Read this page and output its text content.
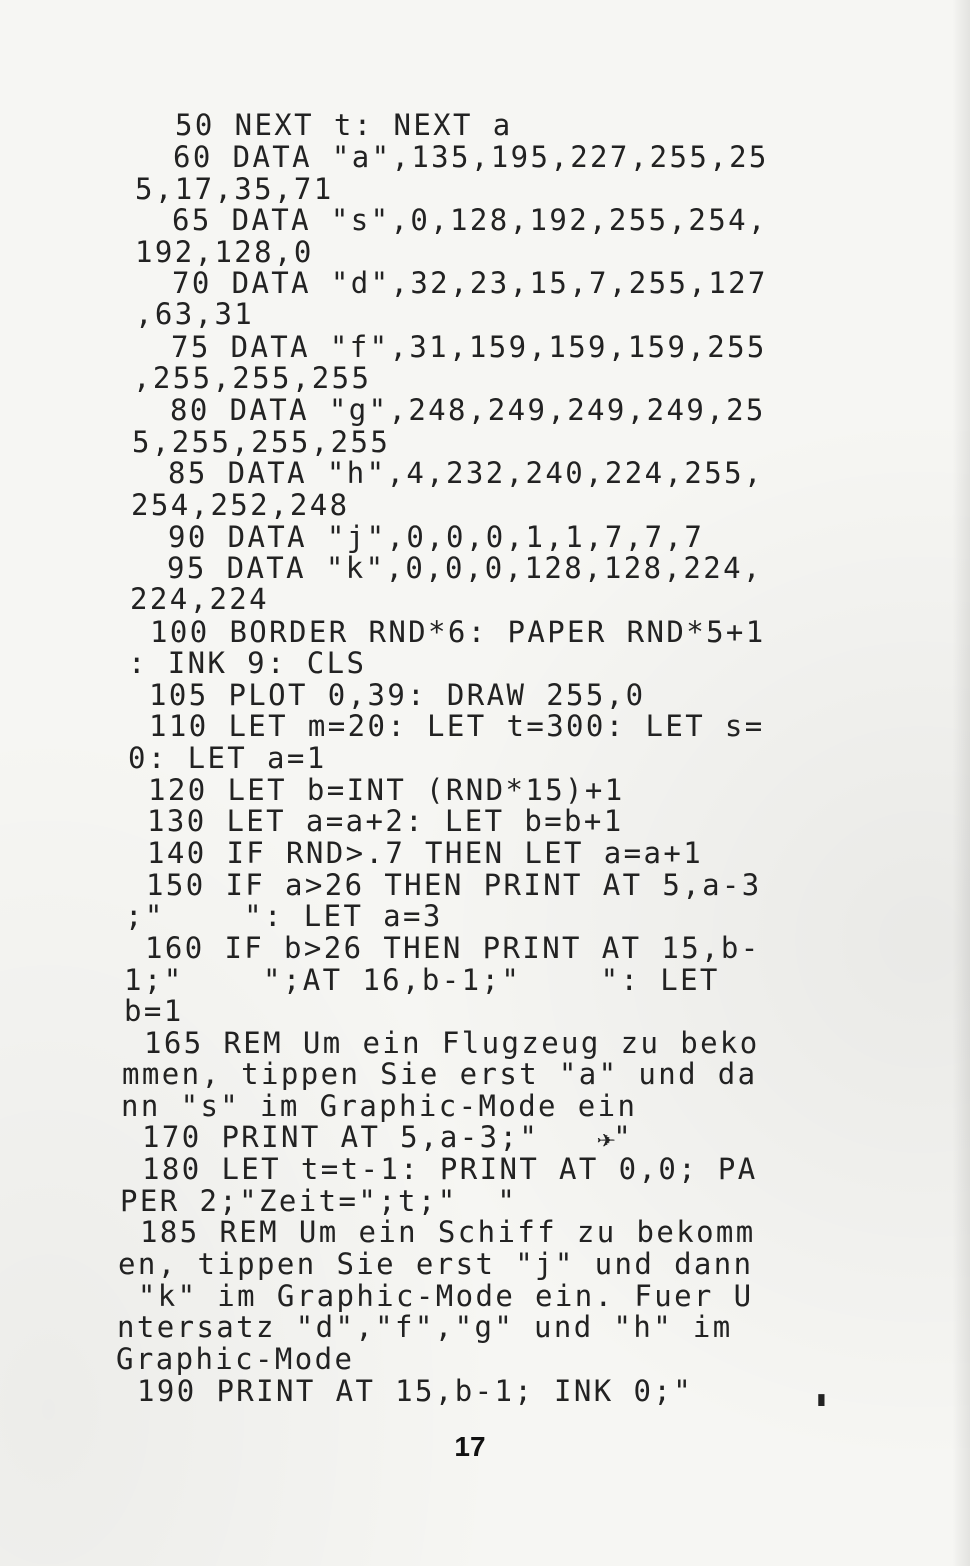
50 NEXT t: NEXT a
60 DATA "a",135,195,227,255,25
5,17,35,71
65 DATA "s",0,128,192,255,254,
192,128,0
70 DATA "d",32,23,15,7,255,127
,63,31
75 DATA "f",31,159,159,159,255
,255,255,255
80 DATA "g",248,249,249,249,25
5,255,255,255
85 DATA "h",4,232,240,224,255,
254,252,248
90 DATA "j",0,0,0,1,1,7,7,7
95 DATA "k",0,0,0,128,128,224,
224,224
100 BORDER RND*6: PAPER RND*5+1
: INK 9: CLS
105 PLOT 0,39: DRAW 255,0
110 LET m=20: LET t=300: LET s=
0: LET a=1
120 LET b=INT (RND*15)+1
130 LET a=a+2: LET b=b+1
140 IF RND>.7 THEN LET a=a+1
150 IF a>26 THEN PRINT AT 5,a-3
;"    ": LET a=3
160 IF b>26 THEN PRINT AT 15,b-
1;"    ";AT 16,b-1;"    ": LET
b=1
165 REM Um ein Flugzeug zu beko
mmen, tippen Sie erst "a" und da
nn "s" im Graphic-Mode ein
170 PRINT AT 5,a-3;"   ✈"
180 LET t=t-1: PRINT AT 0,0; PA
PER 2;"Zeit=";t;"  "
185 REM Um ein Schiff zu bekomm
en, tippen Sie erst "j" und dann
"k" im Graphic-Mode ein. Fuer U
ntersatz "d","f","g" und "h" im
Graphic-Mode
190 PRINT AT 15,b-1; INK 0;"	▗
17
